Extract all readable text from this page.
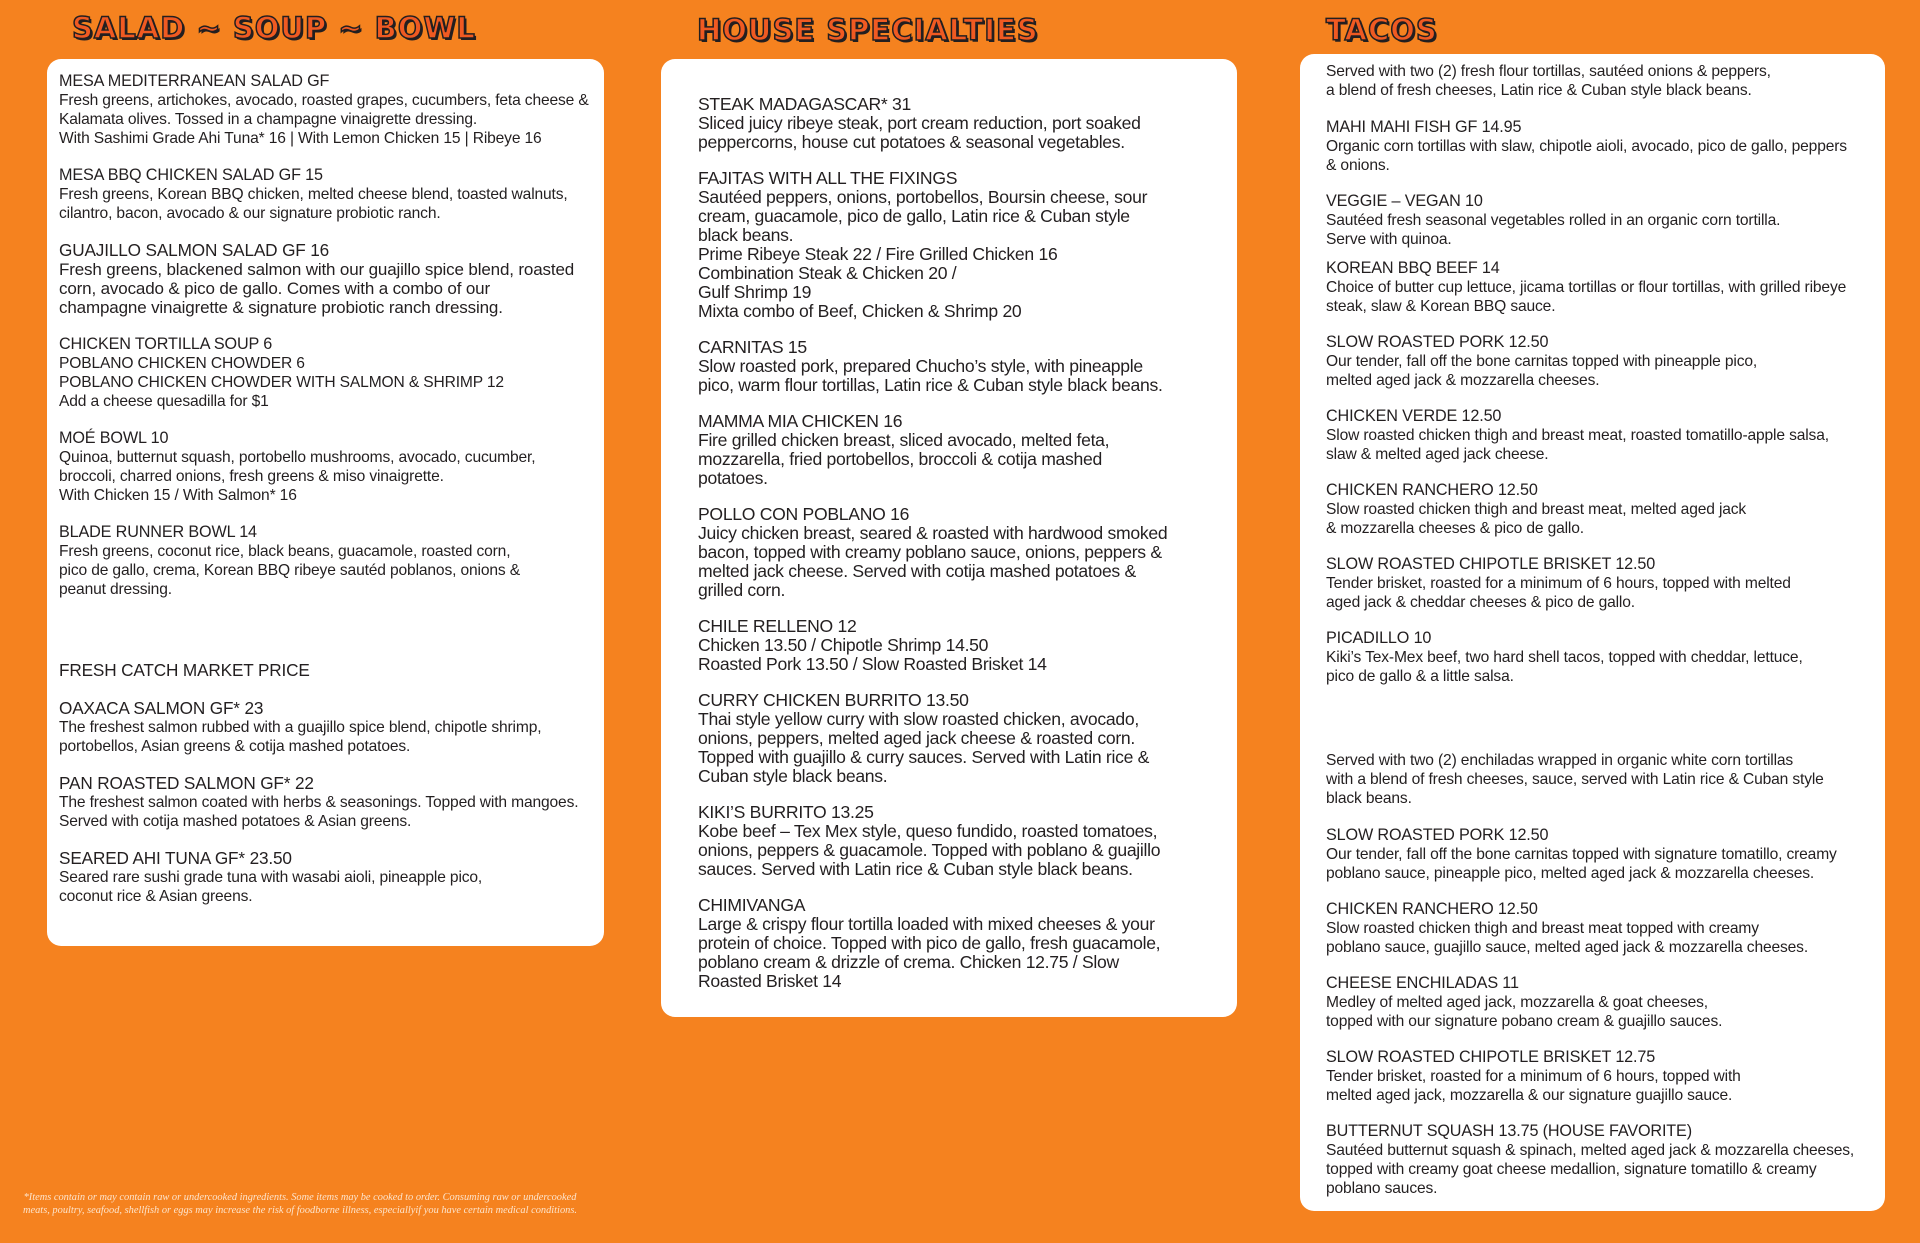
SALAD ~ SOUP ~ BOWL	HOUSE SPECIALTIES	TACOS
MESA MEDITERRANEAN SALAD GF
Fresh greens, artichokes, avocado, roasted grapes, cucumbers, feta cheese &
Kalamata olives. Tossed in a champagne vinaigrette dressing.
With Sashimi Grade Ahi Tuna* 16 | With Lemon Chicken 15 | Ribeye 16
MESA BBQ CHICKEN SALAD GF 15
Fresh greens, Korean BBQ chicken, melted cheese blend, toasted walnuts,
cilantro, bacon, avocado & our signature probiotic ranch.
GUAJILLO SALMON SALAD GF 16
Fresh greens, blackened salmon with our guajillo spice blend, roasted
corn, avocado & pico de gallo. Comes with a combo of our
champagne vinaigrette & signature probiotic ranch dressing.
CHICKEN TORTILLA SOUP 6
POBLANO CHICKEN CHOWDER 6
POBLANO CHICKEN CHOWDER WITH SALMON & SHRIMP 12
Add a cheese quesadilla for $1
MOÉ BOWL 10
Quinoa, butternut squash, portobello mushrooms, avocado, cucumber,
broccoli, charred onions, fresh greens & miso vinaigrette.
With Chicken 15 / With Salmon* 16
BLADE RUNNER BOWL 14
Fresh greens, coconut rice, black beans, guacamole, roasted corn,
pico de gallo, crema, Korean BBQ ribeye sautéd poblanos, onions &
peanut dressing.
FRESH CATCH MARKET PRICE
OAXACA SALMON GF* 23
The freshest salmon rubbed with a guajillo spice blend, chipotle shrimp,
portobellos, Asian greens & cotija mashed potatoes.
PAN ROASTED SALMON GF* 22
The freshest salmon coated with herbs & seasonings. Topped with mangoes.
Served with cotija mashed potatoes & Asian greens.
SEARED AHI TUNA GF* 23.50
Seared rare sushi grade tuna with wasabi aioli, pineapple pico,
coconut rice & Asian greens.
STEAK MADAGASCAR* 31
Sliced juicy ribeye steak, port cream reduction, port soaked
peppercorns, house cut potatoes & seasonal vegetables.
FAJITAS WITH ALL THE FIXINGS
Sautéed peppers, onions, portobellos, Boursin cheese, sour
cream, guacamole, pico de gallo, Latin rice & Cuban style
black beans.
Prime Ribeye Steak 22 / Fire Grilled Chicken 16
Combination Steak & Chicken 20 /
Gulf Shrimp 19
Mixta combo of Beef, Chicken & Shrimp 20
CARNITAS 15
Slow roasted pork, prepared Chucho’s style, with pineapple
pico, warm flour tortillas, Latin rice & Cuban style black beans.
MAMMA MIA CHICKEN 16
Fire grilled chicken breast, sliced avocado, melted feta,
mozzarella, fried portobellos, broccoli & cotija mashed
potatoes.
POLLO CON POBLANO 16
Juicy chicken breast, seared & roasted with hardwood smoked
bacon, topped with creamy poblano sauce, onions, peppers &
melted jack cheese. Served with cotija mashed potatoes &
grilled corn.
CHILE RELLENO 12
Chicken 13.50 / Chipotle Shrimp 14.50
Roasted Pork 13.50 / Slow Roasted Brisket 14
CURRY CHICKEN BURRITO 13.50
Thai style yellow curry with slow roasted chicken, avocado,
onions, peppers, melted aged jack cheese & roasted corn.
Topped with guajillo & curry sauces. Served with Latin rice &
Cuban style black beans.
KIKI’S BURRITO 13.25
Kobe beef – Tex Mex style, queso fundido, roasted tomatoes,
onions, peppers & guacamole. Topped with poblano & guajillo
sauces. Served with Latin rice & Cuban style black beans.
CHIMIVANGA
Large & crispy flour tortilla loaded with mixed cheeses & your
protein of choice. Topped with pico de gallo, fresh guacamole,
poblano cream & drizzle of crema. Chicken 12.75 / Slow
Roasted Brisket 14
Served with two (2) fresh flour tortillas, sautéed onions & peppers,
a blend of fresh cheeses, Latin rice & Cuban style black beans.
MAHI MAHI FISH GF 14.95
Organic corn tortillas with slaw, chipotle aioli, avocado, pico de gallo, peppers
& onions.
VEGGIE – VEGAN 10
Sautéed fresh seasonal vegetables rolled in an organic corn tortilla.
Serve with quinoa.
KOREAN BBQ BEEF 14
Choice of butter cup lettuce, jicama tortillas or flour tortillas, with grilled ribeye
steak, slaw & Korean BBQ sauce.
SLOW ROASTED PORK 12.50
Our tender, fall off the bone carnitas topped with pineapple pico,
melted aged jack & mozzarella cheeses.
CHICKEN VERDE 12.50
Slow roasted chicken thigh and breast meat, roasted tomatillo-apple salsa,
slaw & melted aged jack cheese.
CHICKEN RANCHERO 12.50
Slow roasted chicken thigh and breast meat, melted aged jack
& mozzarella cheeses & pico de gallo.
SLOW ROASTED CHIPOTLE BRISKET 12.50
Tender brisket, roasted for a minimum of 6 hours, topped with melted
aged jack & cheddar cheeses & pico de gallo.
PICADILLO 10
Kiki’s Tex-Mex beef, two hard shell tacos, topped with cheddar, lettuce,
pico de gallo & a little salsa.
Served with two (2) enchiladas wrapped in organic white corn tortillas
with a blend of fresh cheeses, sauce, served with Latin rice & Cuban style
black beans.
SLOW ROASTED PORK 12.50
Our tender, fall off the bone carnitas topped with signature tomatillo, creamy
poblano sauce, pineapple pico, melted aged jack & mozzarella cheeses.
CHICKEN RANCHERO 12.50
Slow roasted chicken thigh and breast meat topped with creamy
poblano sauce, guajillo sauce, melted aged jack & mozzarella cheeses.
CHEESE ENCHILADAS 11
Medley of melted aged jack, mozzarella & goat cheeses,
topped with our signature pobano cream & guajillo sauces.
SLOW ROASTED CHIPOTLE BRISKET 12.75
Tender brisket, roasted for a minimum of 6 hours, topped with
melted aged jack, mozzarella & our signature guajillo sauce.
BUTTERNUT SQUASH 13.75 (HOUSE FAVORITE)
Sautéed butternut squash & spinach, melted aged jack & mozzarella cheeses,
topped with creamy goat cheese medallion, signature tomatillo & creamy
poblano sauces.
*Items contain or may contain raw or undercooked ingredients. Some items may be cooked to order. Consuming raw or undercooked meats, poultry, seafood, shellfish or eggs may increase the risk of foodborne illness, especiallyif you have certain medical conditions.
